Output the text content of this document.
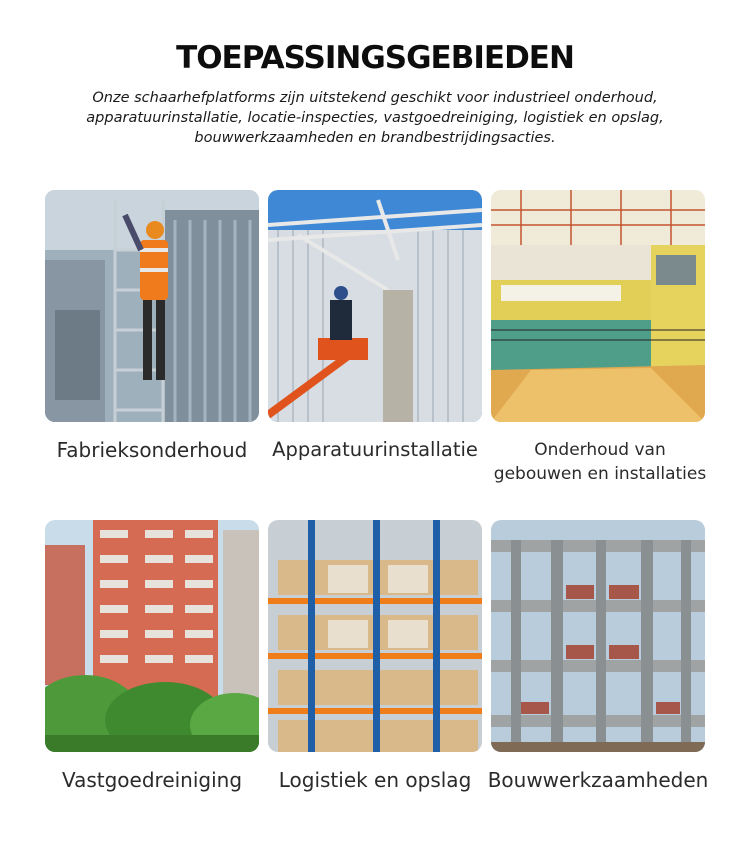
TOEPASSINGSGEBIEDEN
Onze schaarhefplatforms zijn uitstekend geschikt voor industrieel onderhoud, apparatuurinstallatie, locatie-inspecties, vastgoedreiniging, logistiek en opslag, bouwwerkzaamheden en brandbestrijdingsacties.
Fabrieksonderhoud	Apparatuurinstallatie	Onderhoud van
gebouwen en installaties
Vastgoedreiniging	Logistiek en opslag Bouwwerkzaamheden
